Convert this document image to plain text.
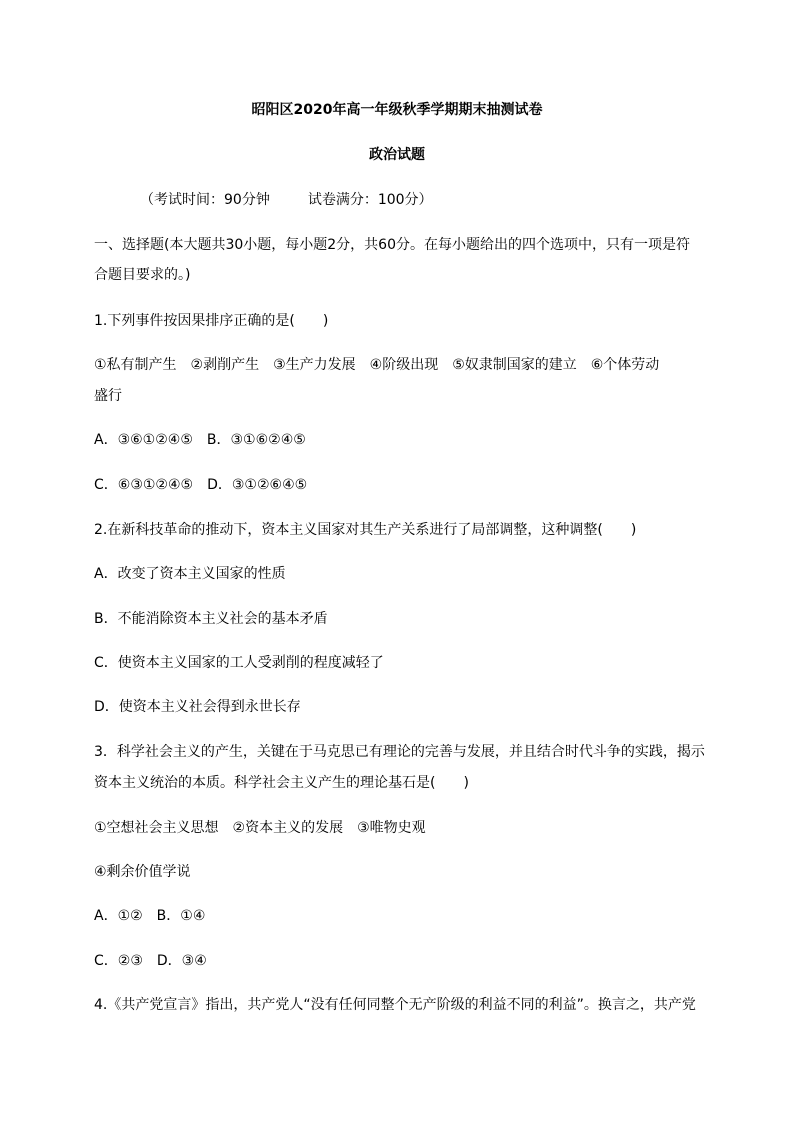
昭阳区2020年高一年级秋季学期期末抽测试卷
政治试题
（考试时间：90分钟	试卷满分：100分）
一、选择题(本大题共30小题，每小题2分，共60分。在每小题给出的四个选项中，只有一项是符
合题目要求的。)
1.下列事件按因果排序正确的是(　　)
①私有制产生　②剥削产生　③生产力发展　④阶级出现　⑤奴隶制国家的建立　⑥个体劳动
盛行
A．③⑥①②④⑤　B．③①⑥②④⑤
C．⑥③①②④⑤　D．③①②⑥④⑤
2.在新科技革命的推动下，资本主义国家对其生产关系进行了局部调整，这种调整(　　)
A．改变了资本主义国家的性质
B．不能消除资本主义社会的基本矛盾
C．使资本主义国家的工人受剥削的程度减轻了
D．使资本主义社会得到永世长存
3．科学社会主义的产生，关键在于马克思已有理论的完善与发展，并且结合时代斗争的实践，揭示
资本主义统治的本质。科学社会主义产生的理论基石是(　　)
①空想社会主义思想　②资本主义的发展　③唯物史观
④剩余价值学说
A．①②　B．①④
C．②③　D．③④
4.《共产党宣言》指出，共产党人“没有任何同整个无产阶级的利益不同的利益”。换言之，共产党
